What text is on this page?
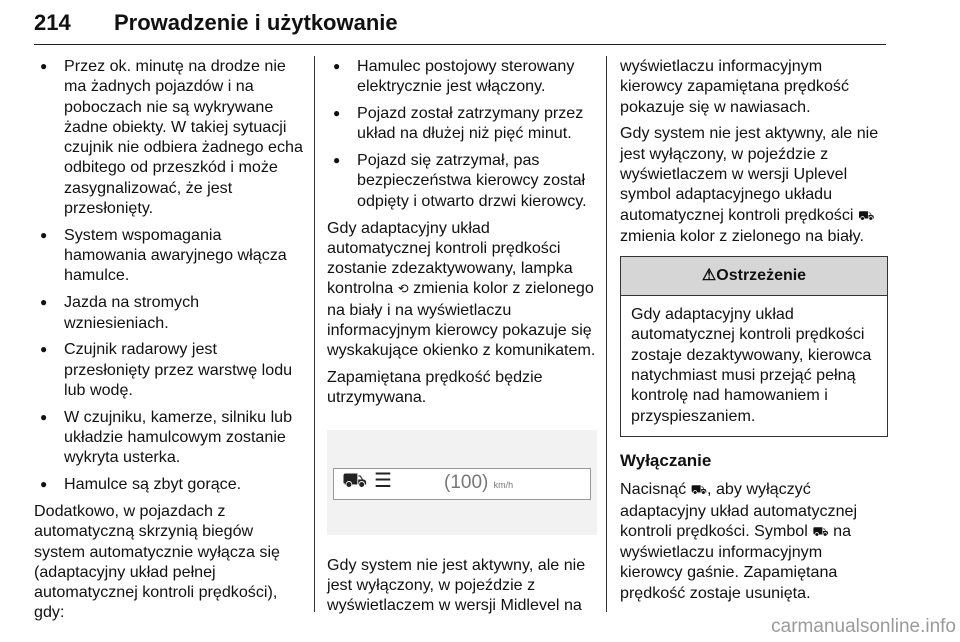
214 Prowadzenie i użytkowanie
● Przez ok. minutę na drodze nie ma żadnych pojazdów i na poboczach nie są wykrywane żadne obiekty. W takiej sytuacji czujnik nie odbiera żadnego echa odbitego od przeszkód i może zasygnalizować, że jest przesłonięty.
● System wspomagania hamowania awaryjnego włącza hamulce.
● Jazda na stromych wzniesieniach.
● Czujnik radarowy jest przesłonięty przez warstwę lodu lub wodę.
● W czujniku, kamerze, silniku lub układzie hamulcowym zostanie wykryta usterka.
● Hamulce są zbyt gorące.
Dodatkowo, w pojazdach z automatyczną skrzynią biegów system automatycznie wyłącza się (adaptacyjny układ pełnej automatycznej kontroli prędkości), gdy:
● Hamulec postojowy sterowany elektrycznie jest włączony.
● Pojazd został zatrzymany przez układ na dłużej niż pięć minut.
● Pojazd się zatrzymał, pas bezpieczeństwa kierowcy został odpięty i otwarto drzwi kierowcy.
Gdy adaptacyjny układ automatycznej kontroli prędkości zostanie zdezaktywowany, lampka kontrolna ⟲ zmienia kolor z zielonego na biały i na wyświetlaczu informacyjnym kierowcy pokazuje się wyskakujące okienko z komunikatem.
Zapamiętana prędkość będzie utrzymywana.
⛟ ☰	(100) km/h
Gdy system nie jest aktywny, ale nie jest wyłączony, w pojeździe z wyświetlaczem w wersji Midlevel na
wyświetlaczu informacyjnym kierowcy zapamiętana prędkość pokazuje się w nawiasach.
Gdy system nie jest aktywny, ale nie jest wyłączony, w pojeździe z wyświetlaczem w wersji Uplevel symbol adaptacyjnego układu automatycznej kontroli prędkości ⛟ zmienia kolor z zielonego na biały.
⚠Ostrzeżenie
Gdy adaptacyjny układ automatycznej kontroli prędkości zostaje dezaktywowany, kierowca natychmiast musi przejąć pełną kontrolę nad hamowaniem i przyspieszaniem.
Wyłączanie
Nacisnąć ⛟, aby wyłączyć adaptacyjny układ automatycznej kontroli prędkości. Symbol ⛟ na wyświetlaczu informacyjnym kierowcy gaśnie. Zapamiętana prędkość zostaje usunięta.
carmanualsonline.info
